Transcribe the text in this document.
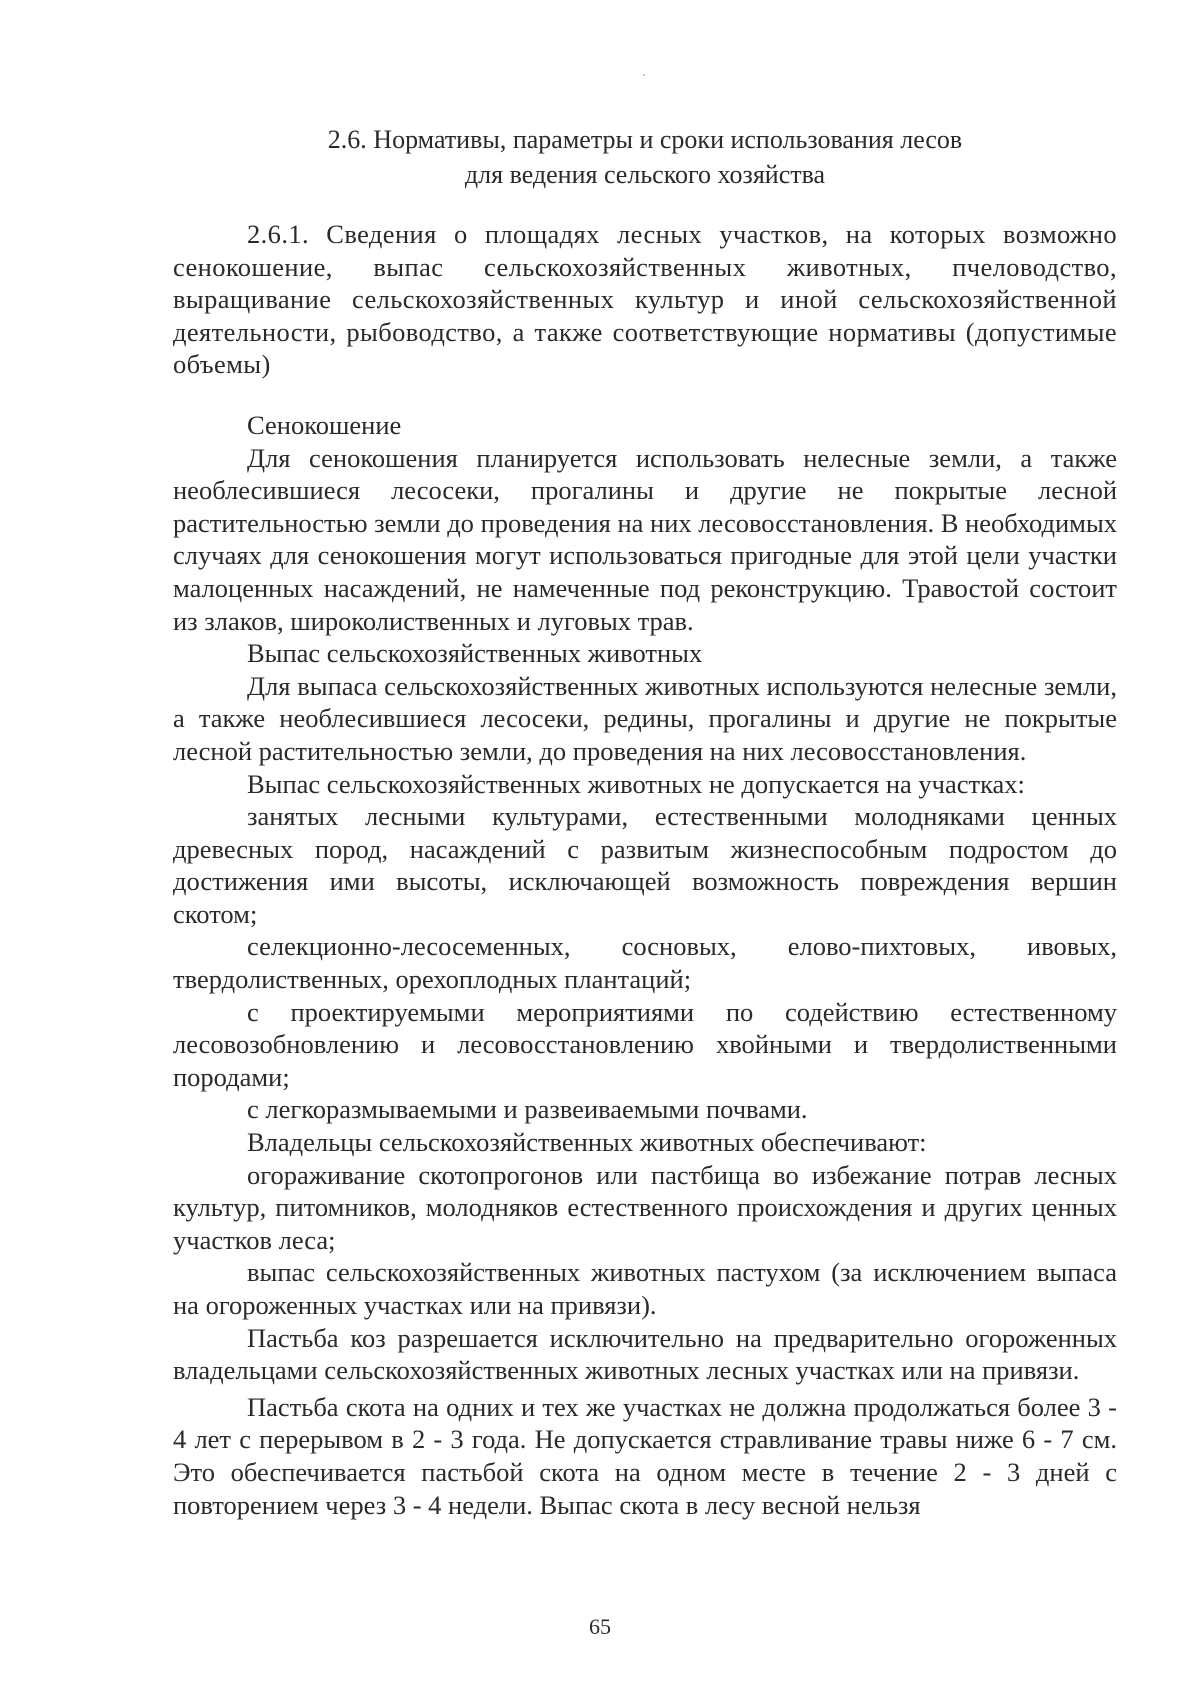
2.6. Нормативы, параметры и сроки использования лесов
для ведения сельского хозяйства

2.6.1. Сведения о площадях лесных участков, на которых возможно сенокошение, выпас сельскохозяйственных животных, пчеловодство, выращивание сельскохозяйственных культур и иной сельскохозяйственной деятельности, рыбоводство, а также соответствующие нормативы (допустимые объемы)

Сенокошение

Для сенокошения планируется использовать нелесные земли, а также необлесившиеся лесосеки, прогалины и другие не покрытые лесной растительностью земли до проведения на них лесовосстановления. В необходимых случаях для сенокошения могут использоваться пригодные для этой цели участки малоценных насаждений, не намеченные под реконструкцию. Травостой состоит из злаков, широколиственных и луговых трав.

Выпас сельскохозяйственных животных

Для выпаса сельскохозяйственных животных используются нелесные земли, а также необлесившиеся лесосеки, редины, прогалины и другие не покрытые лесной растительностью земли, до проведения на них лесовосстановления.

Выпас сельскохозяйственных животных не допускается на участках:

занятых лесными культурами, естественными молодняками ценных древесных пород, насаждений с развитым жизнеспособным подростом до достижения ими высоты, исключающей возможность повреждения вершин скотом;

селекционно-лесосеменных, сосновых, елово-пихтовых, ивовых, твердолиственных, орехоплодных плантаций;

с проектируемыми мероприятиями по содействию естественному лесовозобновлению и лесовосстановлению хвойными и твердолиственными породами;

с легкоразмываемыми и развеиваемыми почвами.

Владельцы сельскохозяйственных животных обеспечивают:

огораживание скотопрогонов или пастбища во избежание потрав лесных культур, питомников, молодняков естественного происхождения и других ценных участков леса;

выпас сельскохозяйственных животных пастухом (за исключением выпаса на огороженных участках или на привязи).

Пастьба коз разрешается исключительно на предварительно огороженных владельцами сельскохозяйственных животных лесных участках или на привязи.

Пастьба скота на одних и тех же участках не должна продолжаться более 3 - 4 лет с перерывом в 2 - 3 года. Не допускается стравливание травы ниже 6 - 7 см. Это обеспечивается пастьбой скота на одном месте в течение 2 - 3 дней с повторением через 3 - 4 недели. Выпас скота в лесу весной нельзя

65
